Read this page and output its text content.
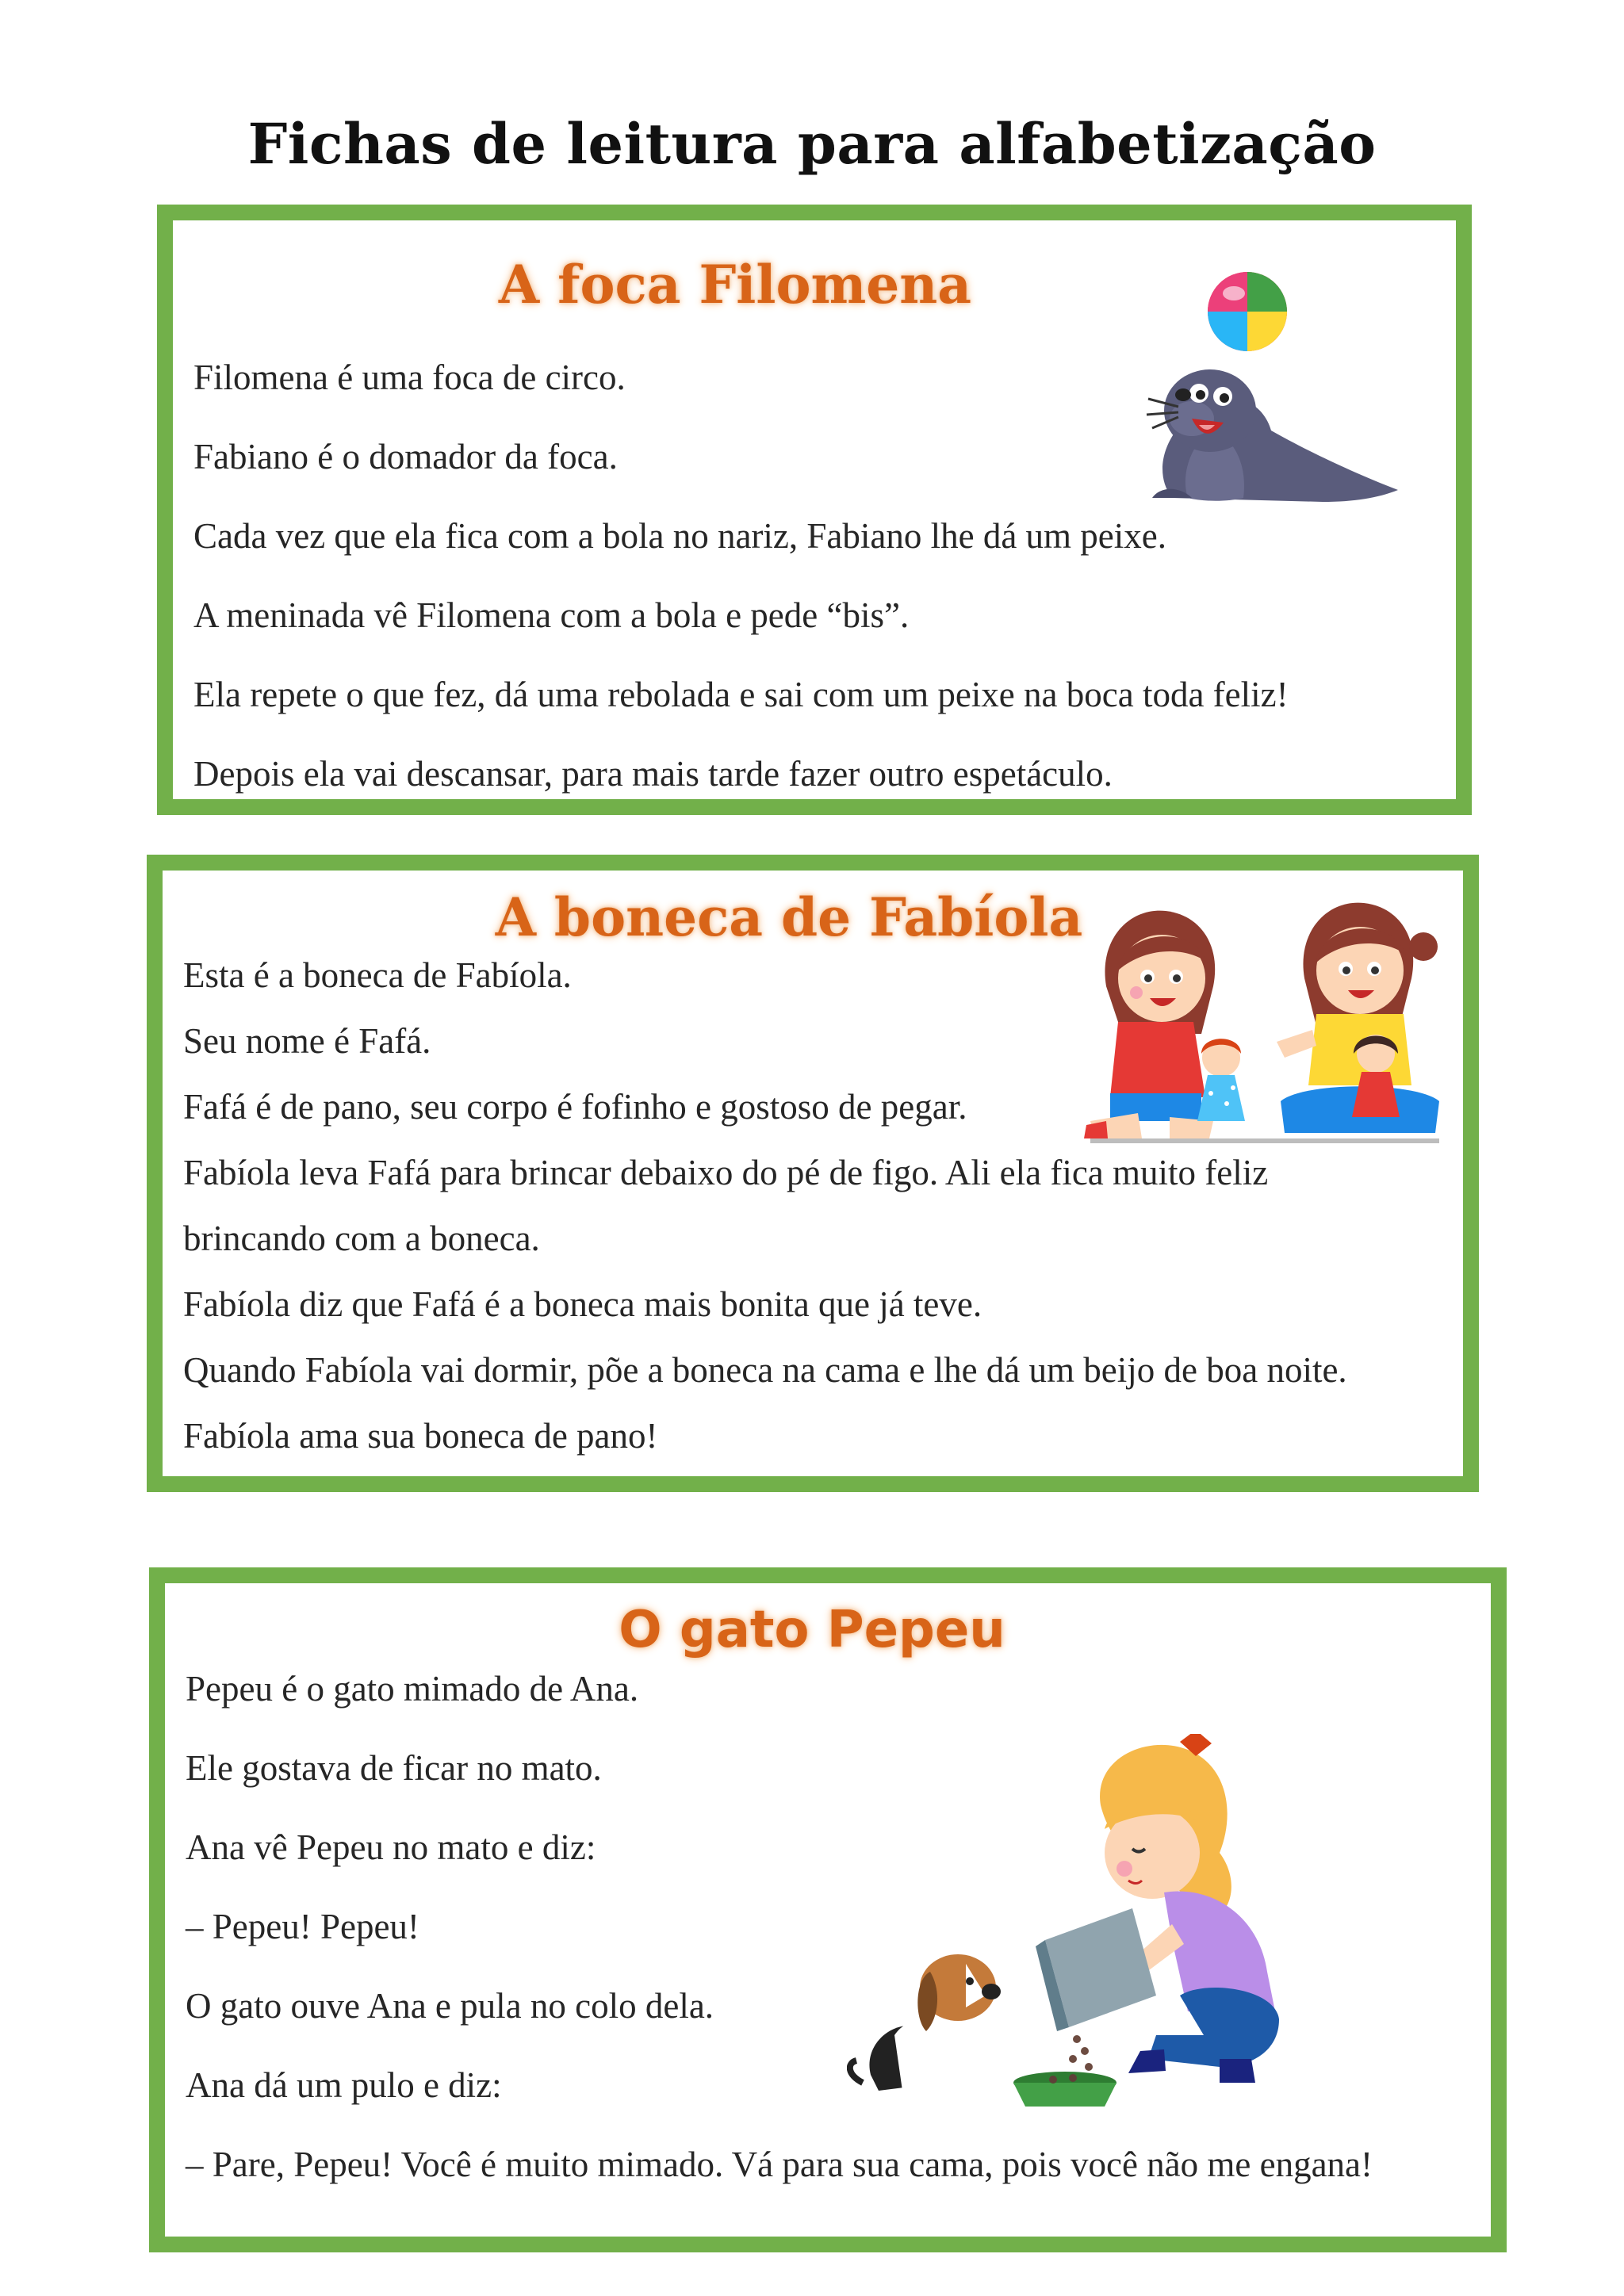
Fichas de leitura para alfabetização
A foca Filomena

Filomena é uma foca de circo.

Fabiano é o domador da foca.

Cada vez que ela fica com a bola no nariz, Fabiano lhe dá um peixe.

A meninada vê Filomena com a bola e pede “bis”.

Ela repete o que fez, dá uma rebolada e sai com um peixe na boca toda feliz!

Depois ela vai descansar, para mais tarde fazer outro espetáculo.

A boneca de Fabíola

Esta é a boneca de Fabíola.

Seu nome é Fafá.

Fafá é de pano, seu corpo é fofinho e gostoso de pegar.

Fabíola leva Fafá para brincar debaixo do pé de figo. Ali ela fica muito feliz

brincando com a boneca.

Fabíola diz que Fafá é a boneca mais bonita que já teve.

Quando Fabíola vai dormir, põe a boneca na cama e lhe dá um beijo de boa noite.

Fabíola ama sua boneca de pano!

O gato Pepeu

Pepeu é o gato mimado de Ana.

Ele gostava de ficar no mato.

Ana vê Pepeu no mato e diz:

– Pepeu! Pepeu!

O gato ouve Ana e pula no colo dela.

Ana dá um pulo e diz:

– Pare, Pepeu! Você é muito mimado. Vá para sua cama, pois você não me engana!
